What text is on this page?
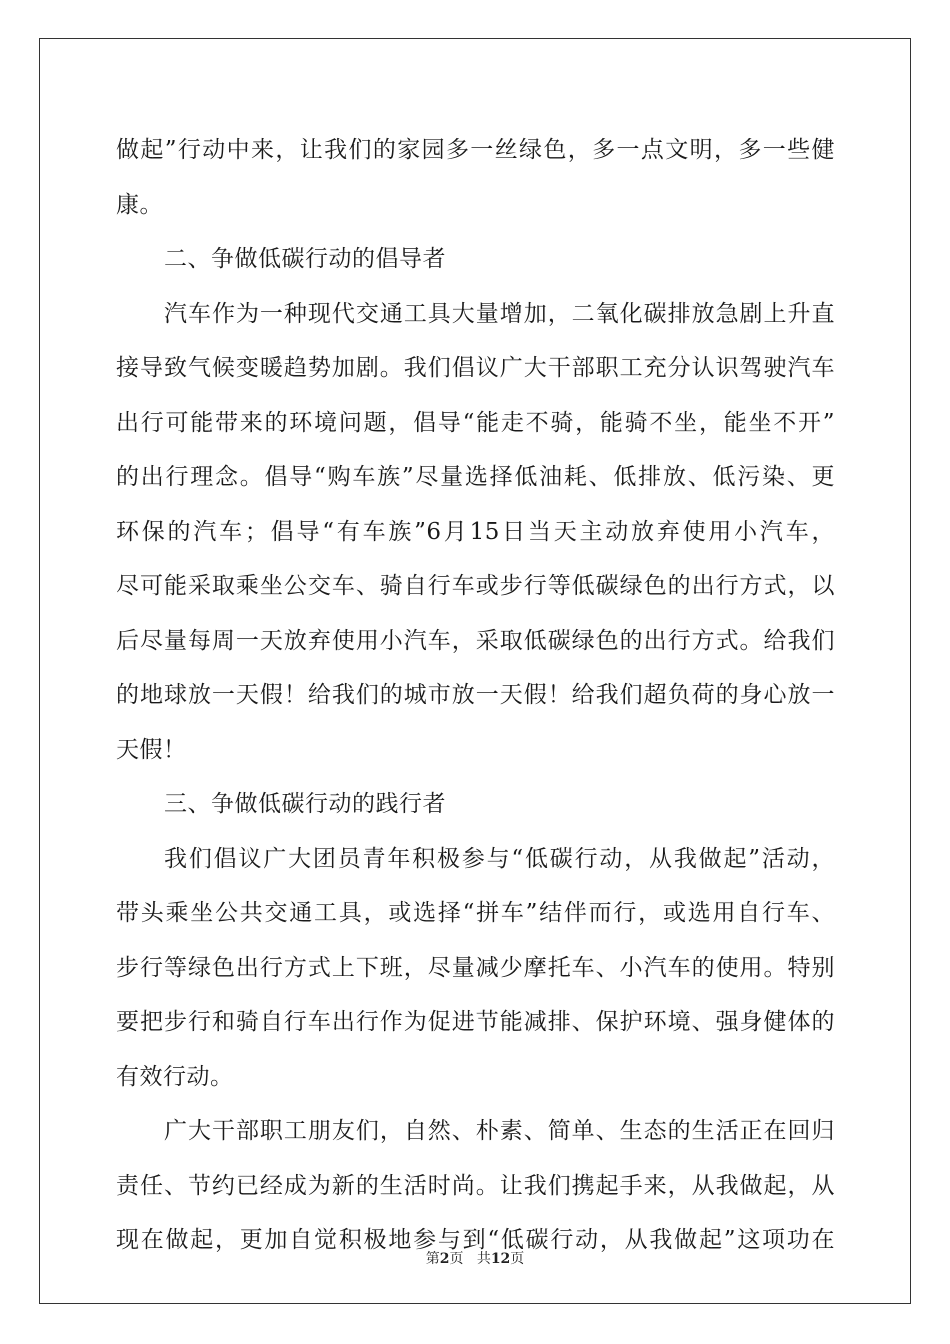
做起”行动中来，让我们的家园多一丝绿色，多一点文明，多一些健
康。
二、争做低碳行动的倡导者
汽车作为一种现代交通工具大量增加，二氧化碳排放急剧上升直
接导致气候变暖趋势加剧。我们倡议广大干部职工充分认识驾驶汽车
出行可能带来的环境问题，倡导“能走不骑，能骑不坐，能坐不开”
的出行理念。倡导“购车族”尽量选择低油耗、低排放、低污染、更
环保的汽车；倡导“有车族”6月15日当天主动放弃使用小汽车，
尽可能采取乘坐公交车、骑自行车或步行等低碳绿色的出行方式，以
后尽量每周一天放弃使用小汽车，采取低碳绿色的出行方式。给我们
的地球放一天假！给我们的城市放一天假！给我们超负荷的身心放一
天假！
三、争做低碳行动的践行者
我们倡议广大团员青年积极参与“低碳行动，从我做起”活动，
带头乘坐公共交通工具，或选择“拼车”结伴而行，或选用自行车、
步行等绿色出行方式上下班，尽量减少摩托车、小汽车的使用。特别
要把步行和骑自行车出行作为促进节能减排、保护环境、强身健体的
有效行动。
广大干部职工朋友们，自然、朴素、简单、生态的生活正在回归
责任、节约已经成为新的生活时尚。让我们携起手来，从我做起，从
现在做起，更加自觉积极地参与到“低碳行动，从我做起”这项功在
第2页 共12页
